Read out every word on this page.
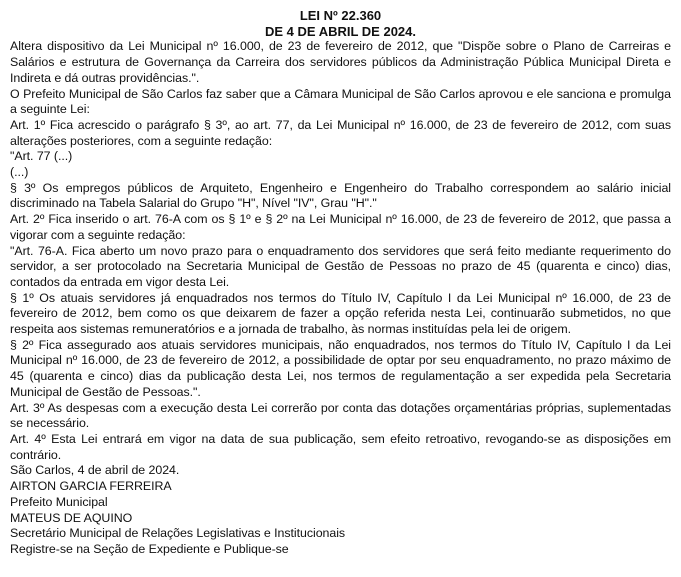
LEI Nº 22.360
DE 4 DE ABRIL DE 2024.

Altera dispositivo da Lei Municipal nº 16.000, de 23 de fevereiro de 2012, que "Dispõe sobre o Plano de Carreiras e Salários e estrutura de Governança da Carreira dos servidores públicos da Administração Pública Municipal Direta e Indireta e dá outras providências.".

O Prefeito Municipal de São Carlos faz saber que a Câmara Municipal de São Carlos aprovou e ele sanciona e promulga a seguinte Lei:

Art. 1º Fica acrescido o parágrafo § 3º, ao art. 77, da Lei Municipal nº 16.000, de 23 de fevereiro de 2012, com suas alterações posteriores, com a seguinte redação:

"Art. 77 (...)

(...)

§ 3º Os empregos públicos de Arquiteto, Engenheiro e Engenheiro do Trabalho correspondem ao salário inicial discriminado na Tabela Salarial do Grupo "H", Nível "IV", Grau "H"."

Art. 2º Fica inserido o art. 76-A com os § 1º e § 2º na Lei Municipal nº 16.000, de 23 de fevereiro de 2012, que passa a vigorar com a seguinte redação:

"Art. 76-A. Fica aberto um novo prazo para o enquadramento dos servidores que será feito mediante requerimento do servidor, a ser protocolado na Secretaria Municipal de Gestão de Pessoas no prazo de 45 (quarenta e cinco) dias, contados da entrada em vigor desta Lei.

§ 1º Os atuais servidores já enquadrados nos termos do Título IV, Capítulo I da Lei Municipal nº 16.000, de 23 de fevereiro de 2012, bem como os que deixarem de fazer a opção referida nesta Lei, continuarão submetidos, no que respeita aos sistemas remuneratórios e a jornada de trabalho, às normas instituídas pela lei de origem.

§ 2º Fica assegurado aos atuais servidores municipais, não enquadrados, nos termos do Título IV, Capítulo I da Lei Municipal nº 16.000, de 23 de fevereiro de 2012, a possibilidade de optar por seu enquadramento, no prazo máximo de 45 (quarenta e cinco) dias da publicação desta Lei, nos termos de regulamentação a ser expedida pela Secretaria Municipal de Gestão de Pessoas.".

Art. 3º As despesas com a execução desta Lei correrão por conta das dotações orçamentárias próprias, suplementadas se necessário.

Art. 4º Esta Lei entrará em vigor na data de sua publicação, sem efeito retroativo, revogando-se as disposições em contrário.

São Carlos, 4 de abril de 2024.

AIRTON GARCIA FERREIRA

Prefeito Municipal

MATEUS DE AQUINO

Secretário Municipal de Relações Legislativas e Institucionais

Registre-se na Seção de Expediente e Publique-se
